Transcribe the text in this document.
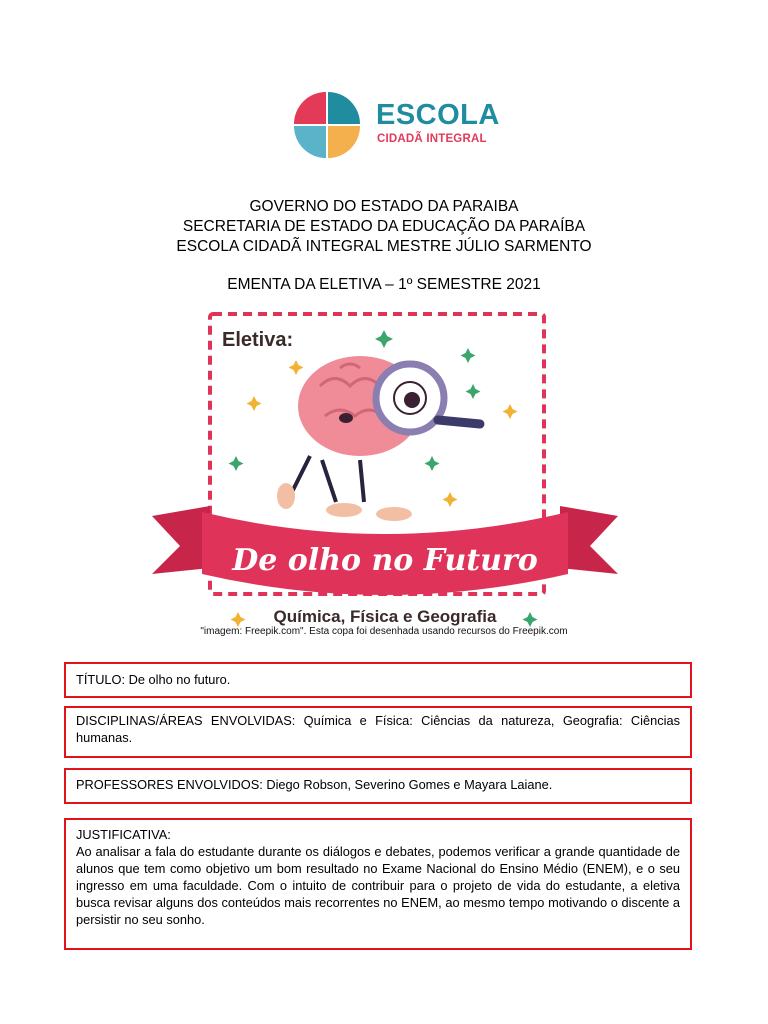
ESCOLA
CIDADÃ INTEGRAL
GOVERNO DO ESTADO DA PARAIBA
SECRETARIA DE ESTADO DA EDUCAÇÃO DA PARAÍBA
ESCOLA CIDADÃ INTEGRAL MESTRE JÚLIO SARMENTO
EMENTA DA ELETIVA – 1º SEMESTRE 2021
Eletiva:
De olho no Futuro
Química, Física e Geografia
"imagem: Freepik.com". Esta copa foi desenhada usando recursos do Freepik.com
TÍTULO: De olho no futuro.
DISCIPLINAS/ÁREAS ENVOLVIDAS: Química e Física: Ciências da natureza, Geografia: Ciências humanas.
PROFESSORES ENVOLVIDOS: Diego Robson, Severino Gomes e Mayara Laiane.

JUSTIFICATIVA:

Ao analisar a fala do estudante durante os diálogos e debates, podemos verificar a grande quantidade de alunos que tem como objetivo um bom resultado no Exame Nacional do Ensino Médio (ENEM), e o seu ingresso em uma faculdade. Com o intuito de contribuir para o projeto de vida do estudante, a eletiva busca revisar alguns dos conteúdos mais recorrentes no ENEM, ao mesmo tempo motivando o discente a persistir no seu sonho.
